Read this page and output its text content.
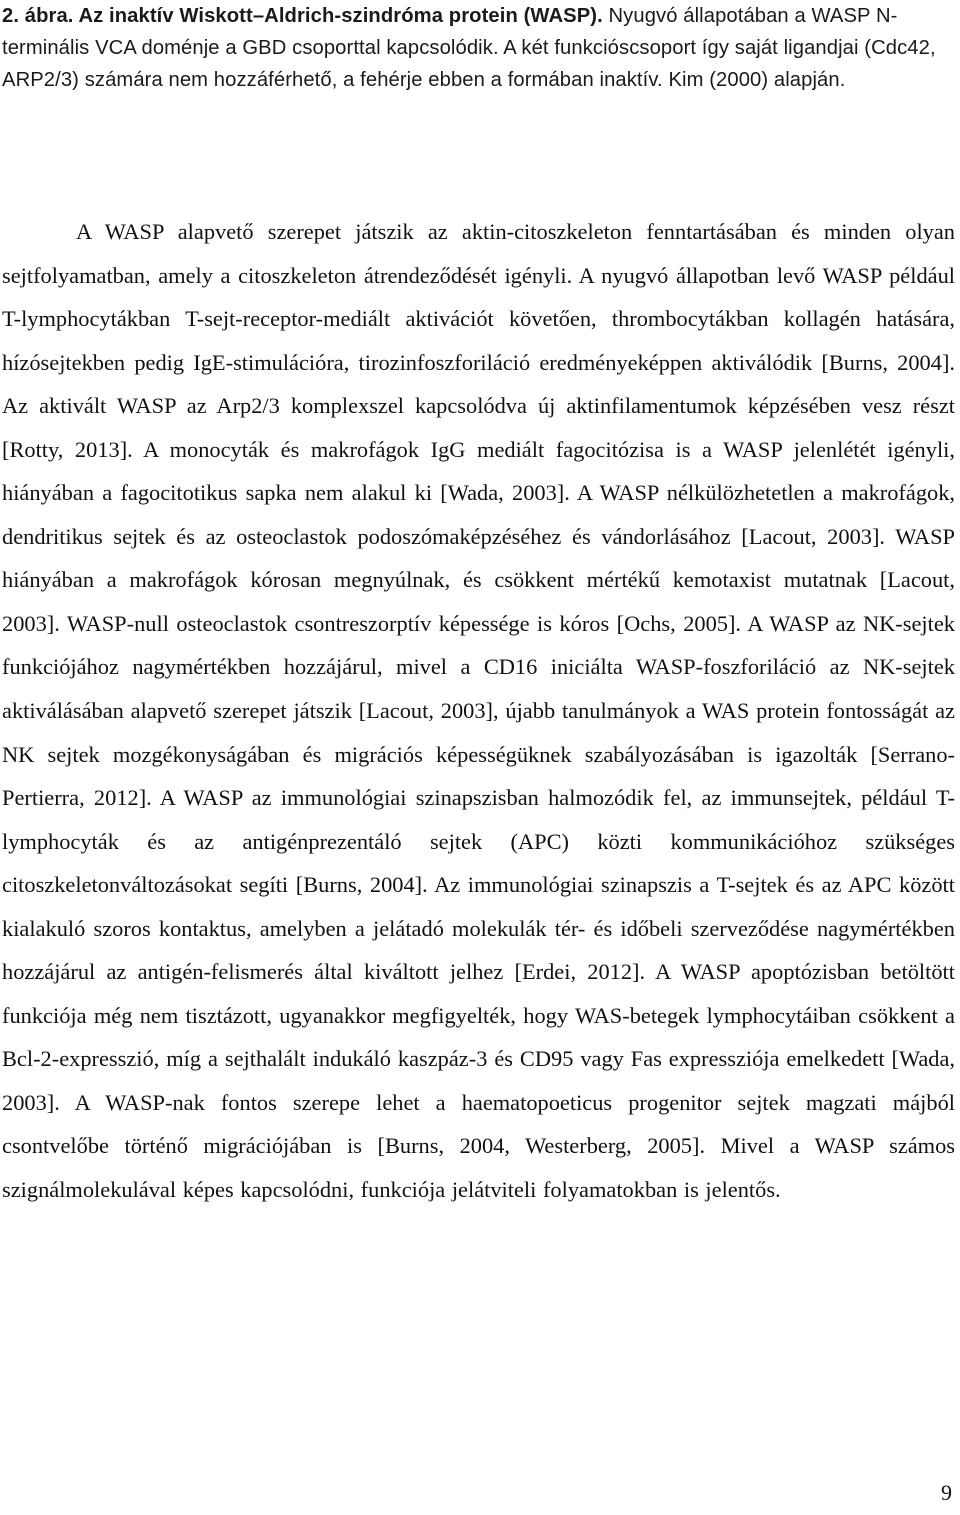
2. ábra. Az inaktív Wiskott–Aldrich-szindróma protein (WASP). Nyugvó állapotában a WASP N-terminális VCA doménje a GBD csoporttal kapcsolódik. A két funkcióscsoport így saját ligandjai (Cdc42, ARP2/3) számára nem hozzáférhető, a fehérje ebben a formában inaktív. Kim (2000) alapján.

A WASP alapvető szerepet játszik az aktin-citoszkeleton fenntartásában és minden olyan sejtfolyamatban, amely a citoszkeleton átrendeződését igényli. A nyugvó állapotban levő WASP például T-lymphocytákban T-sejt-receptor-mediált aktivációt követően, thrombocytákban kollagén hatására, hízósejtekben pedig IgE-stimulációra, tirozinfoszforiláció eredményeképpen aktiválódik [Burns, 2004]. Az aktivált WASP az Arp2/3 komplexszel kapcsolódva új aktinfilamentumok képzésében vesz részt [Rotty, 2013]. A monocyták és makrofágok IgG mediált fagocitózisa is a WASP jelenlétét igényli, hiányában a fagocitotikus sapka nem alakul ki [Wada, 2003]. A WASP nélkülözhetetlen a makrofágok, dendritikus sejtek és az osteoclastok podoszómaképzéséhez és vándorlásához [Lacout, 2003]. WASP hiányában a makrofágok kórosan megnyúlnak, és csökkent mértékű kemotaxist mutatnak [Lacout, 2003]. WASP-null osteoclastok csontreszorptív képessége is kóros [Ochs, 2005]. A WASP az NK-sejtek funkciójához nagymértékben hozzájárul, mivel a CD16 iniciálta WASP-foszforiláció az NK-sejtek aktiválásában alapvető szerepet játszik [Lacout, 2003], újabb tanulmányok a WAS protein fontosságát az NK sejtek mozgékonyságában és migrációs képességüknek szabályozásában is igazolták [Serrano-Pertierra, 2012]. A WASP az immunológiai szinapszisban halmozódik fel, az immunsejtek, például T-lymphocyták és az antigénprezentáló sejtek (APC) közti kommunikációhoz szükséges citoszkeletonváltozásokat segíti [Burns, 2004]. Az immunológiai szinapszis a T-sejtek és az APC között kialakuló szoros kontaktus, amelyben a jelátadó molekulák tér- és időbeli szerveződése nagymértékben hozzájárul az antigén-felismerés által kiváltott jelhez [Erdei, 2012]. A WASP apoptózisban betöltött funkciója még nem tisztázott, ugyanakkor megfigyelték, hogy WAS-betegek lymphocytáiban csökkent a Bcl-2-expresszió, míg a sejthalált indukáló kaszpáz-3 és CD95 vagy Fas expressziója emelkedett [Wada, 2003]. A WASP-nak fontos szerepe lehet a haematopoeticus progenitor sejtek magzati májból csontvelőbe történő migrációjában is [Burns, 2004, Westerberg, 2005]. Mivel a WASP számos szignálmolekulával képes kapcsolódni, funkciója jelátviteli folyamatokban is jelentős.

9
